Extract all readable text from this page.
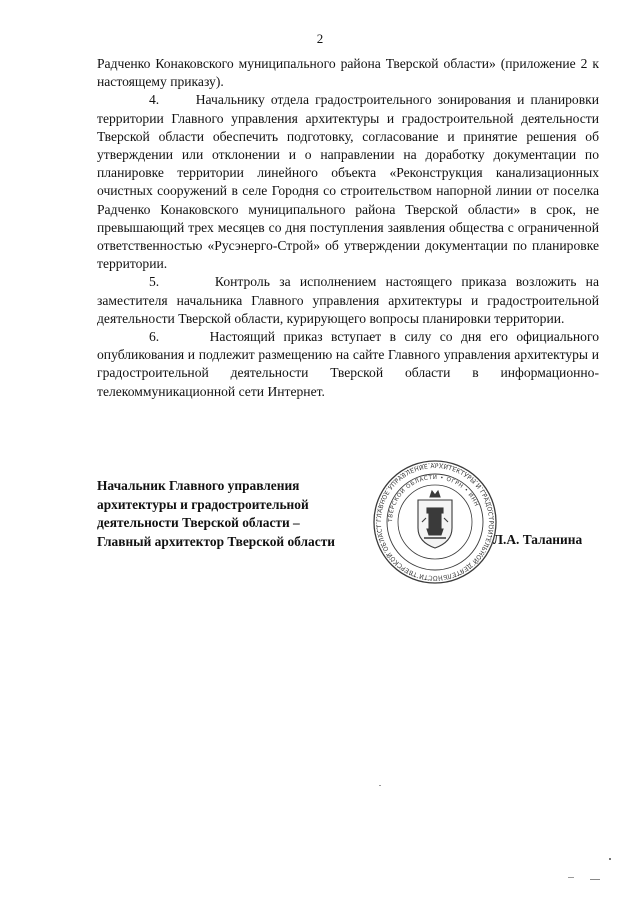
2

Радченко Конаковского муниципального района Тверской области» (приложение 2 к настоящему приказу).

4.      Начальнику отдела градостроительного зонирования и планировки территории Главного управления архитектуры и градостроительной деятельности Тверской области обеспечить подготовку, согласование и принятие решения об утверждении или отклонении и о направлении на доработку документации по планировке территории линейного объекта «Реконструкция канализационных очистных сооружений в селе Городня со строительством напорной линии от поселка Радченко Конаковского муниципального района Тверской области» в срок, не превышающий трех месяцев со дня поступления заявления общества с ограниченной ответственностью «Русэнерго-Строй» об утверждении документации по планировке территории.

5.      Контроль за исполнением настоящего приказа возложить на заместителя начальника Главного управления архитектуры и градостроительной деятельности Тверской области, курирующего вопросы планировки территории.

6.      Настоящий приказ вступает в силу со дня его официального опубликования и подлежит размещению на сайте Главного управления архитектуры и градостроительной деятельности Тверской области в информационно-телекоммуникационной сети Интернет.

Начальник Главного управления
архитектуры и градостроительной
деятельности Тверской области –
Главный архитектор Тверской области	Л.А. Таланина
ГЛАВНОЕ УПРАВЛЕНИЕ АРХИТЕКТУРЫ И ГРАДОСТРОИТЕЛЬНОЙ ДЕЯТЕЛЬНОСТИ ТВЕРСКОЙ ОБЛАСТ
ТВЕРСКОЙ ОБЛАСТИ • ОГРН • ИНН
